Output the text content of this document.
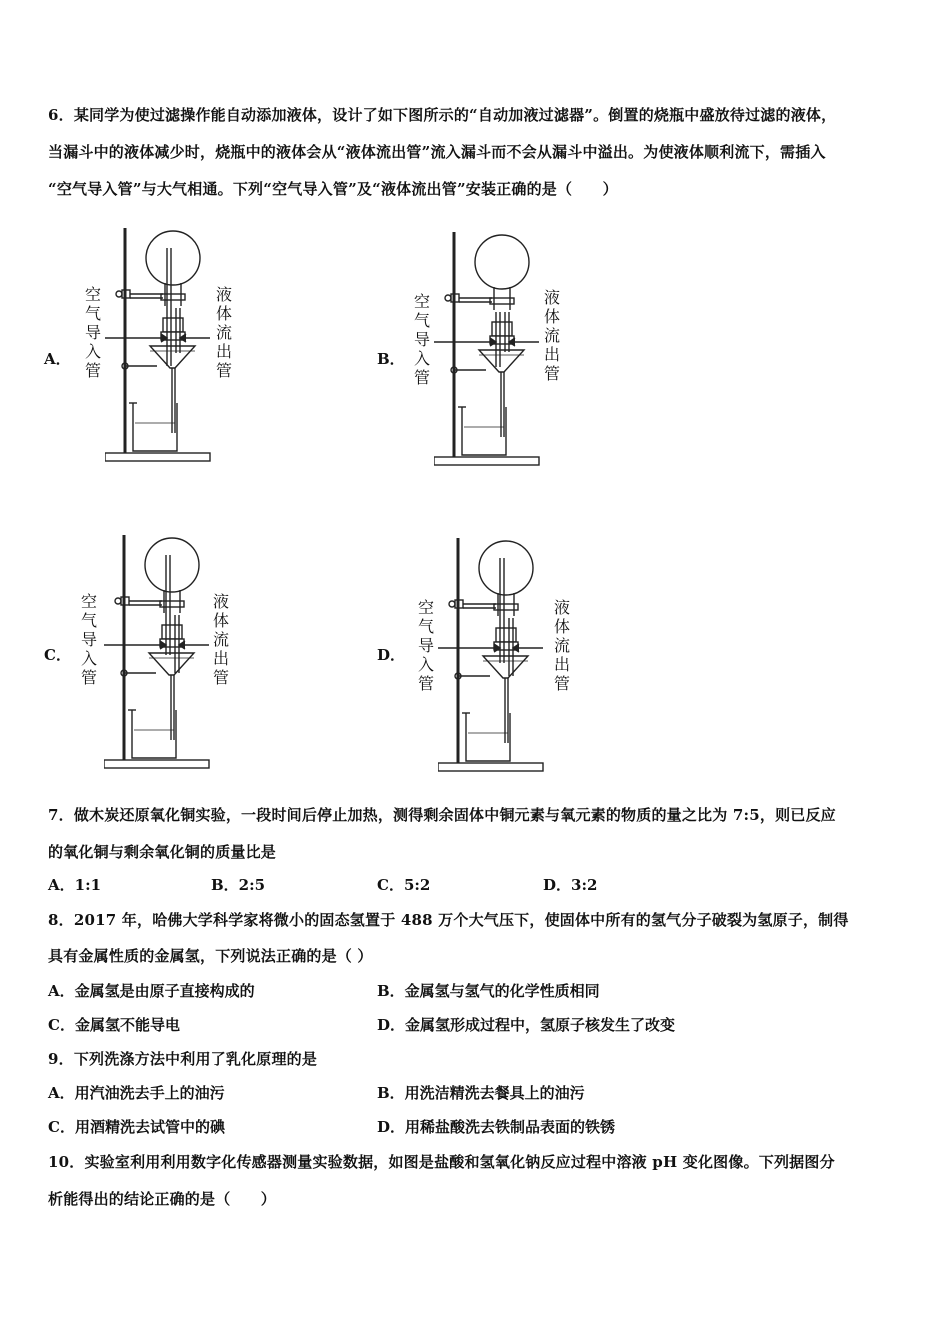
6．某同学为使过滤操作能自动添加液体，设计了如下图所示的“自动加液过滤器”。倒置的烧瓶中盛放待过滤的液体，
当漏斗中的液体减少时，烧瓶中的液体会从“液体流出管”流入漏斗而不会从漏斗中溢出。为使液体顺利流下，需插入
“空气导入管”与大气相通。下列“空气导入管”及“液体流出管”安装正确的是（　　）
A．
空气导入管
液体流出管
B．
空气导入管
液体流出管
C．
空气导入管
液体流出管
D．
空气导入管
液体流出管
7．做木炭还原氧化铜实验，一段时间后停止加热，测得剩余固体中铜元素与氧元素的物质的量之比为 7:5，则已反应
的氧化铜与剩余氧化铜的质量比是
A．1:1	B．2:5	C．5:2	D．3:2
8．2017 年，哈佛大学科学家将微小的固态氢置于 488 万个大气压下，使固体中所有的氢气分子破裂为氢原子，制得
具有金属性质的金属氢，下列说法正确的是（ ）
A．金属氢是由原子直接构成的	B．金属氢与氢气的化学性质相同
C．金属氢不能导电	D．金属氢形成过程中，氢原子核发生了改变
9．下列洗涤方法中利用了乳化原理的是
A．用汽油洗去手上的油污	B．用洗洁精洗去餐具上的油污
C．用酒精洗去试管中的碘	D．用稀盐酸洗去铁制品表面的铁锈
10．实验室利用利用数字化传感器测量实验数据，如图是盐酸和氢氧化钠反应过程中溶液 pH 变化图像。下列据图分
析能得出的结论正确的是（　　）
